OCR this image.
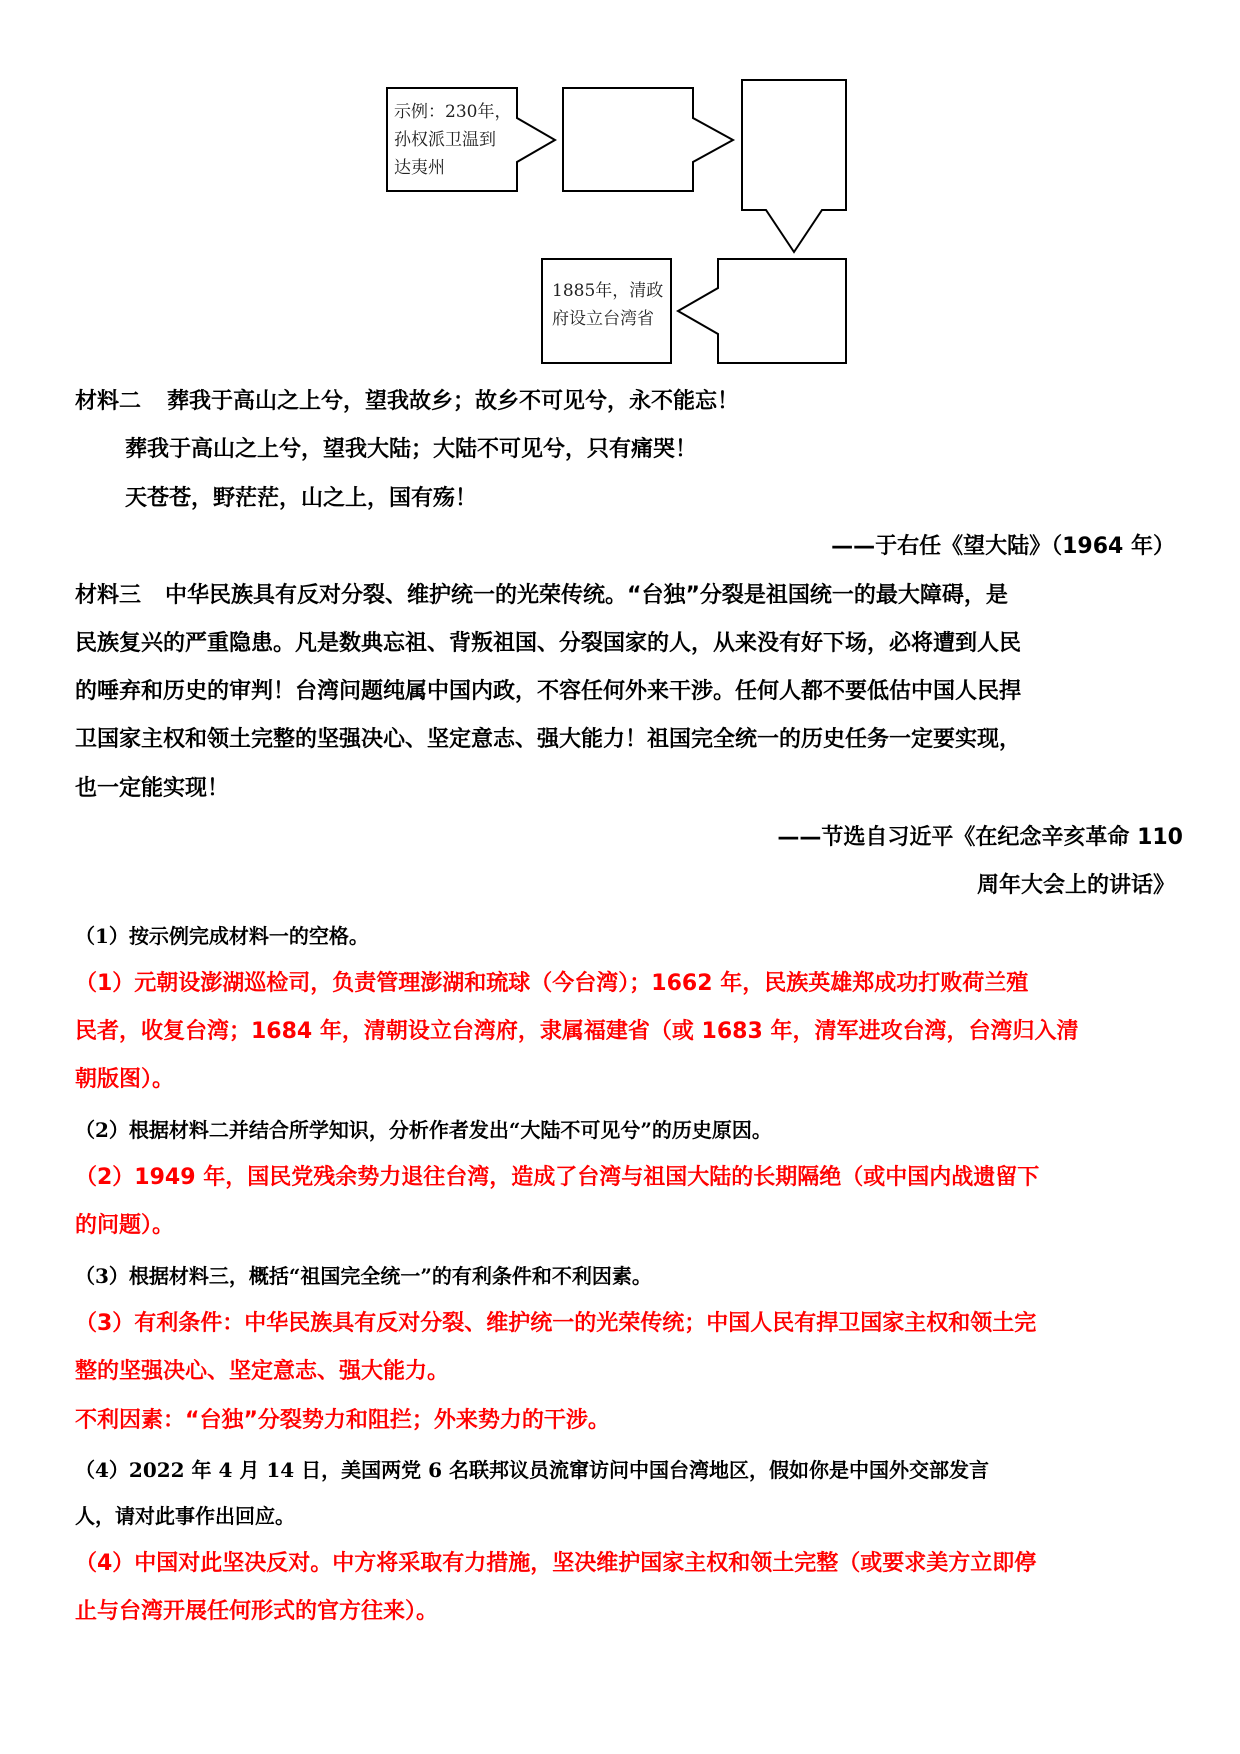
示例：230年，
孙权派卫温到
达夷州
1885年，清政
府设立台湾省
材料二 葬我于高山之上兮，望我故乡；故乡不可见兮，永不能忘！
葬我于高山之上兮，望我大陆；大陆不可见兮，只有痛哭！
天苍苍，野茫茫，山之上，国有殇！
——于右任《望大陆》（1964 年）
材料三 中华民族具有反对分裂、维护统一的光荣传统。“台独”分裂是祖国统一的最大障碍，是
民族复兴的严重隐患。凡是数典忘祖、背叛祖国、分裂国家的人，从来没有好下场，必将遭到人民
的唾弃和历史的审判！台湾问题纯属中国内政，不容任何外来干涉。任何人都不要低估中国人民捍
卫国家主权和领土完整的坚强决心、坚定意志、强大能力！祖国完全统一的历史任务一定要实现，
也一定能实现！
——节选自习近平《在纪念辛亥革命 110
周年大会上的讲话》
（1）按示例完成材料一的空格。
（1）元朝设澎湖巡检司，负责管理澎湖和琉球（今台湾）；1662 年，民族英雄郑成功打败荷兰殖
民者，收复台湾；1684 年，清朝设立台湾府，隶属福建省（或 1683 年，清军进攻台湾，台湾归入清
朝版图）。
（2）根据材料二并结合所学知识，分析作者发出“大陆不可见兮”的历史原因。
（2）1949 年，国民党残余势力退往台湾，造成了台湾与祖国大陆的长期隔绝（或中国内战遗留下
的问题）。
（3）根据材料三，概括“祖国完全统一”的有利条件和不利因素。
（3）有利条件：中华民族具有反对分裂、维护统一的光荣传统；中国人民有捍卫国家主权和领土完
整的坚强决心、坚定意志、强大能力。
不利因素：“台独”分裂势力和阻拦；外来势力的干涉。
（4）2022 年 4 月 14 日，美国两党 6 名联邦议员流窜访问中国台湾地区，假如你是中国外交部发言
人，请对此事作出回应。
（4）中国对此坚决反对。中方将采取有力措施，坚决维护国家主权和领土完整（或要求美方立即停
止与台湾开展任何形式的官方往来）。
